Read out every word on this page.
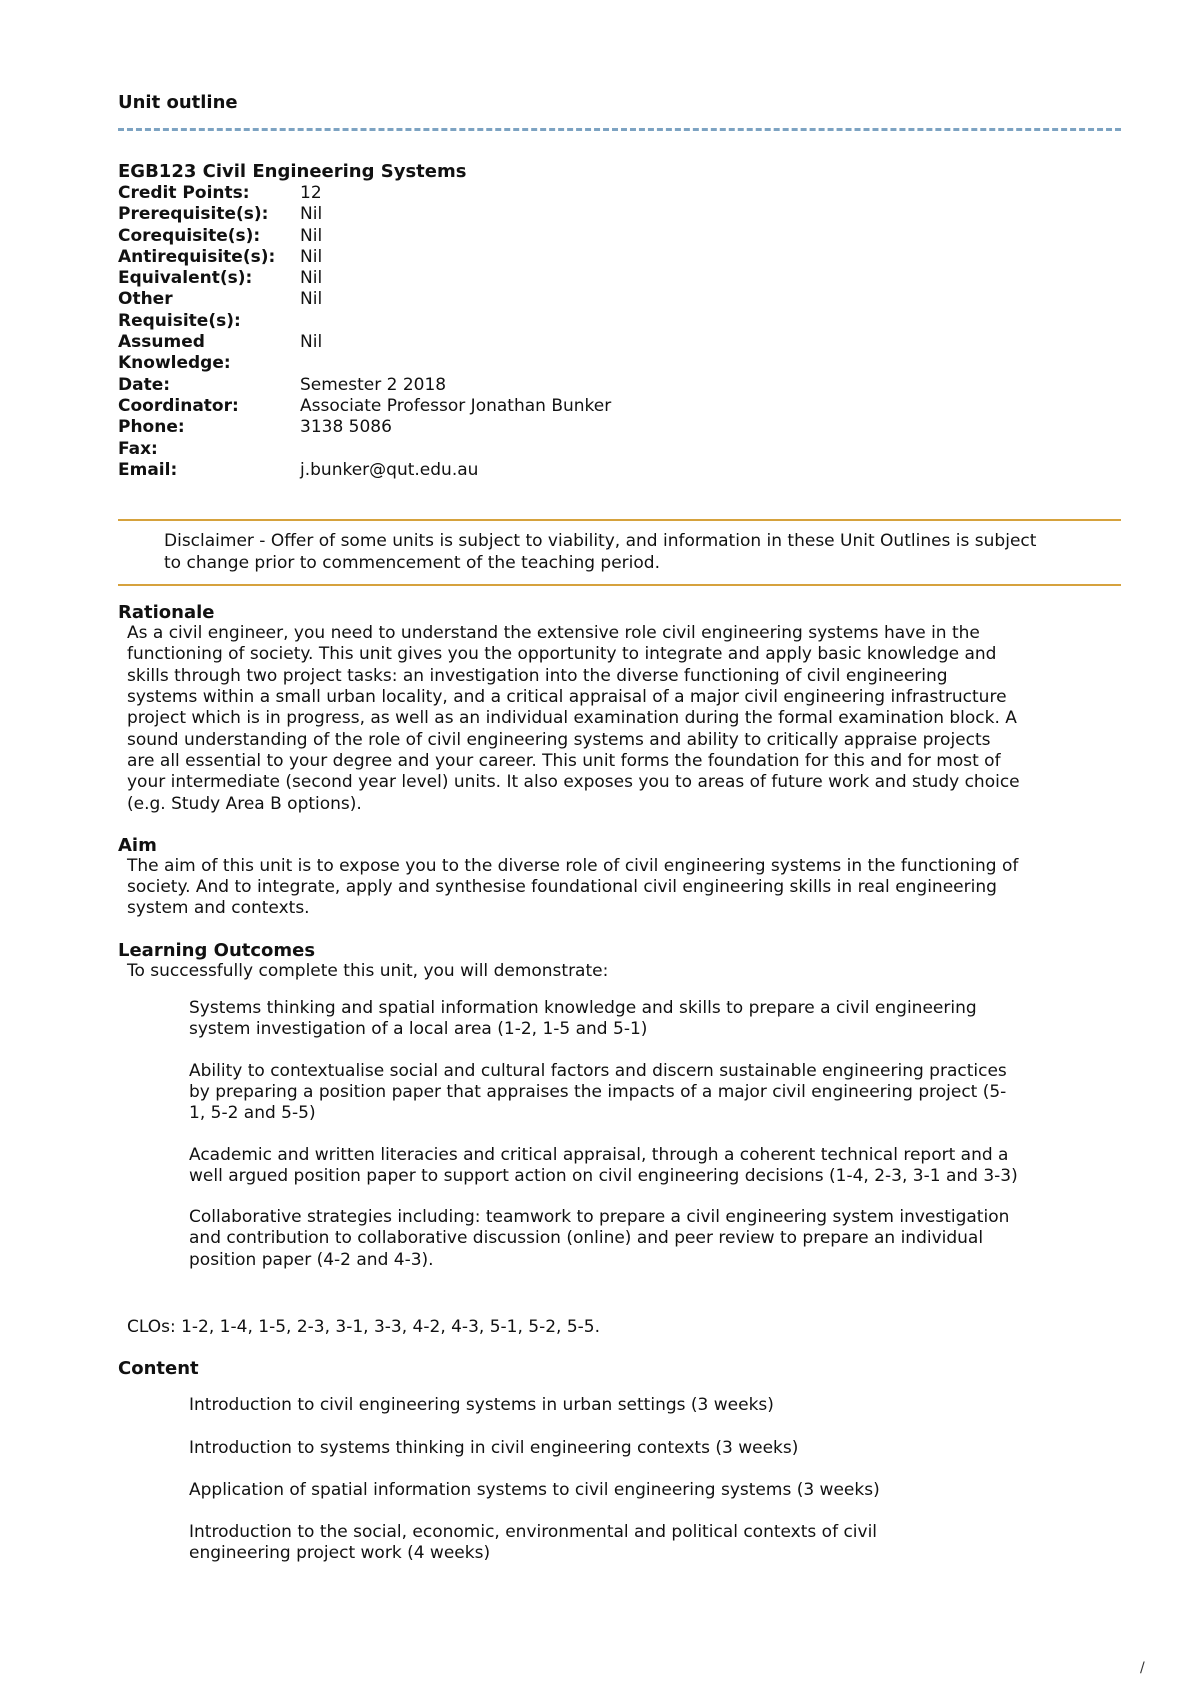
Unit outline
EGB123 Civil Engineering Systems
Credit Points:	12
Prerequisite(s):	Nil
Corequisite(s):	Nil
Antirequisite(s):	Nil
Equivalent(s):	Nil
Other Requisite(s):	Nil
Assumed Knowledge:	Nil
Date:	Semester 2 2018
Coordinator:	Associate Professor Jonathan Bunker
Phone:	3138 5086
Fax:	
Email:	j.bunker@qut.edu.au
Disclaimer - Offer of some units is subject to viability, and information in these Unit Outlines is subject to change prior to commencement of the teaching period.
Rationale
As a civil engineer, you need to understand the extensive role civil engineering systems have in the functioning of society. This unit gives you the opportunity to integrate and apply basic knowledge and skills through two project tasks: an investigation into the diverse functioning of civil engineering systems within a small urban locality, and a critical appraisal of a major civil engineering infrastructure project which is in progress, as well as an individual examination during the formal examination block. A sound understanding of the role of civil engineering systems and ability to critically appraise projects are all essential to your degree and your career. This unit forms the foundation for this and for most of your intermediate (second year level) units. It also exposes you to areas of future work and study choice (e.g. Study Area B options).
Aim
The aim of this unit is to expose you to the diverse role of civil engineering systems in the functioning of society. And to integrate, apply and synthesise foundational civil engineering skills in real engineering system and contexts.
Learning Outcomes
To successfully complete this unit, you will demonstrate:
Systems thinking and spatial information knowledge and skills to prepare a civil engineering system investigation of a local area (1-2, 1-5 and 5-1)
Ability to contextualise social and cultural factors and discern sustainable engineering practices by preparing a position paper that appraises the impacts of a major civil engineering project (5-1, 5-2 and 5-5)
Academic and written literacies and critical appraisal, through a coherent technical report and a well argued position paper to support action on civil engineering decisions (1-4, 2-3, 3-1 and 3-3)
Collaborative strategies including: teamwork to prepare a civil engineering system investigation and contribution to collaborative discussion (online) and peer review to prepare an individual position paper (4-2 and 4-3).
CLOs: 1-2, 1-4, 1-5, 2-3, 3-1, 3-3, 4-2, 4-3, 5-1, 5-2, 5-5.
Content
Introduction to civil engineering systems in urban settings (3 weeks)
Introduction to systems thinking in civil engineering contexts (3 weeks)
Application of spatial information systems to civil engineering systems (3 weeks)
Introduction to the social, economic, environmental and political contexts of civil engineering project work (4 weeks)
/
